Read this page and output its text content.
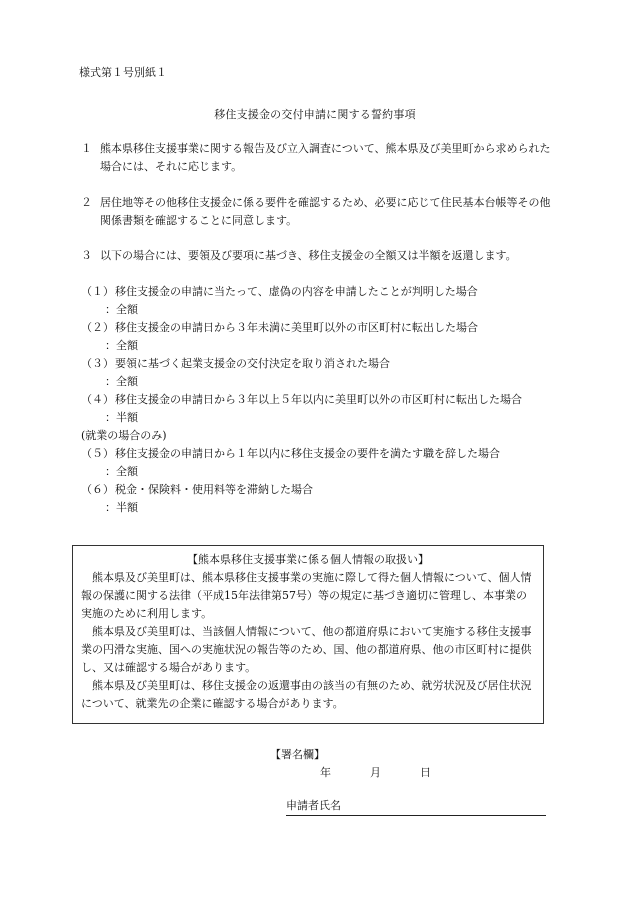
様式第１号別紙１
移住支援金の交付申請に関する誓約事項
１ 熊本県移住支援事業に関する報告及び立入調査について、熊本県及び美里町から求められた場合には、それに応じます。
２ 居住地等その他移住支援金に係る要件を確認するため、必要に応じて住民基本台帳等その他関係書類を確認することに同意します。
３ 以下の場合には、要領及び要項に基づき、移住支援金の全額又は半額を返還します。
（１）移住支援金の申請に当たって、虚偽の内容を申請したことが判明した場合
：全額
（２）移住支援金の申請日から３年未満に美里町以外の市区町村に転出した場合
：全額
（３）要領に基づく起業支援金の交付決定を取り消された場合
：全額
（４）移住支援金の申請日から３年以上５年以内に美里町以外の市区町村に転出した場合
：半額
(就業の場合のみ)
（５）移住支援金の申請日から１年以内に移住支援金の要件を満たす職を辞した場合
：全額
（６）税金・保険料・使用料等を滞納した場合
：半額
【熊本県移住支援事業に係る個人情報の取扱い】
熊本県及び美里町は、熊本県移住支援事業の実施に際して得た個人情報について、個人情報の保護に関する法律（平成15年法律第57号）等の規定に基づき適切に管理し、本事業の実施のために利用します。
熊本県及び美里町は、当該個人情報について、他の都道府県において実施する移住支援事業の円滑な実施、国への実施状況の報告等のため、国、他の都道府県、他の市区町村に提供し、又は確認する場合があります。
熊本県及び美里町は、移住支援金の返還事由の該当の有無のため、就労状況及び居住状況について、就業先の企業に確認する場合があります。
【署名欄】
年	月	日
申請者氏名
